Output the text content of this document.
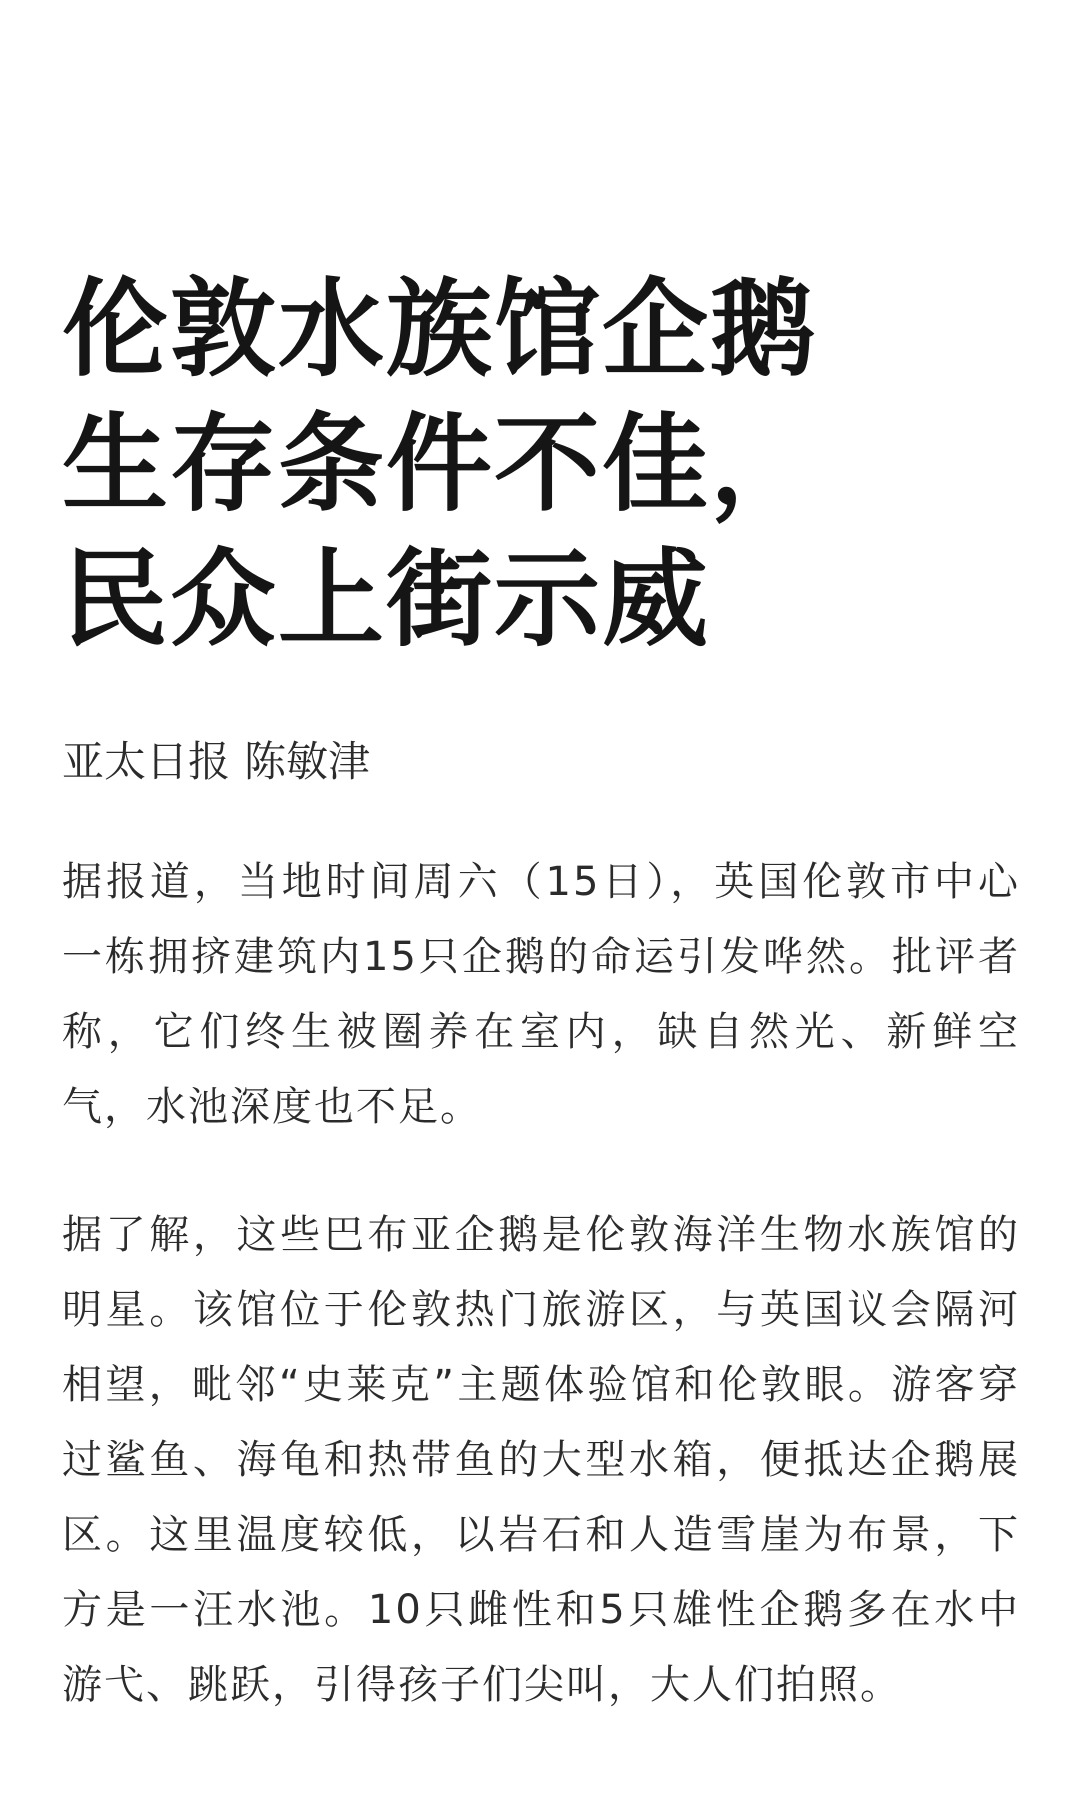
伦敦水族馆企鹅
生存条件不佳，
民众上街示威
亚太日报 陈敏津

据报道，当地时间周六（15日），英国伦敦市中心一栋拥挤建筑内15只企鹅的命运引发哗然。批评者称，它们终生被圈养在室内，缺自然光、新鲜空气，水池深度也不足。

据了解，这些巴布亚企鹅是伦敦海洋生物水族馆的明星。该馆位于伦敦热门旅游区，与英国议会隔河相望，毗邻“史莱克”主题体验馆和伦敦眼。游客穿过鲨鱼、海龟和热带鱼的大型水箱，便抵达企鹅展区。这里温度较低，以岩石和人造雪崖为布景，下方是一汪水池。10只雌性和5只雄性企鹅多在水中游弋、跳跃，引得孩子们尖叫，大人们拍照。
